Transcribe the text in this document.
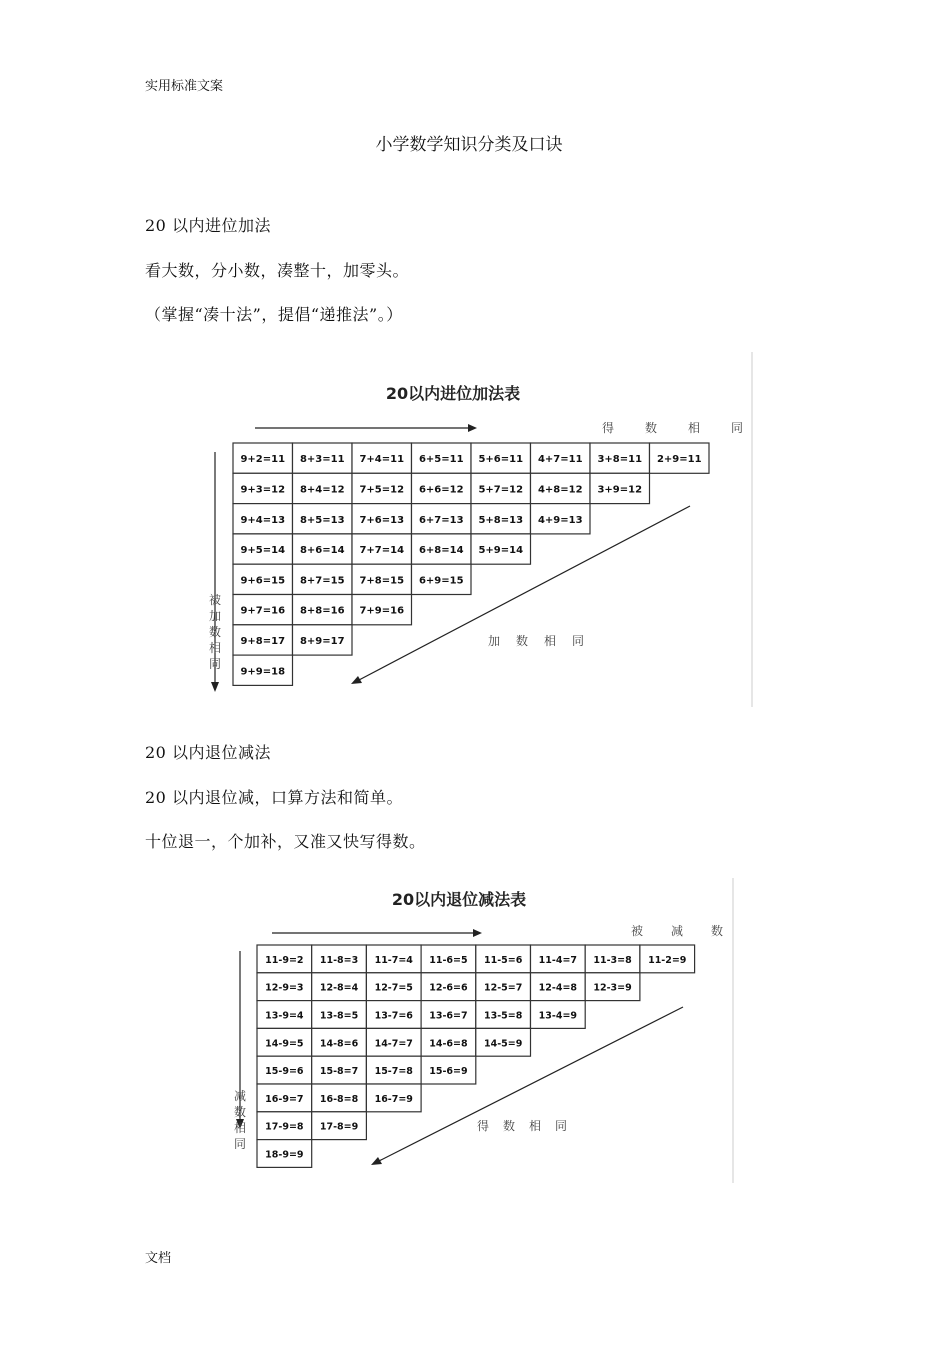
实用标准文案
小学数学知识分类及口诀
20 以内进位加法
看大数，分小数，凑整十，加零头。
（掌握“凑十法”，提倡“递推法”。）
20以内进位加法表
得	数	相	同
被
加
数
相
同
加 数 相 同
9+2=11 8+3=11 7+4=11 6+5=11 5+6=11 4+7=11 3+8=11 2+9=11
9+3=12 8+4=12 7+5=12 6+6=12 5+7=12 4+8=12 3+9=12
9+4=13 8+5=13 7+6=13 6+7=13 5+8=13 4+9=13
9+5=14 8+6=14 7+7=14 6+8=14 5+9=14
9+6=15 8+7=15 7+8=15 6+9=15
9+7=16 8+8=16 7+9=16
9+8=17 8+9=17
9+9=18
20 以内退位减法
20 以内退位减，口算方法和简单。
十位退一，个加补，又准又快写得数。
20以内退位减法表
被 减 数
减
数
相
同
得 数 相 同
11-9=2 11-8=3 11-7=4 11-6=5 11-5=6 11-4=7 11-3=8 11-2=9
12-9=3 12-8=4 12-7=5 12-6=6 12-5=7 12-4=8 12-3=9
13-9=4 13-8=5 13-7=6 13-6=7 13-5=8 13-4=9
14-9=5 14-8=6 14-7=7 14-6=8 14-5=9
15-9=6 15-8=7 15-7=8 15-6=9
16-9=7 16-8=8 16-7=9
17-9=8 17-8=9
18-9=9
文档
